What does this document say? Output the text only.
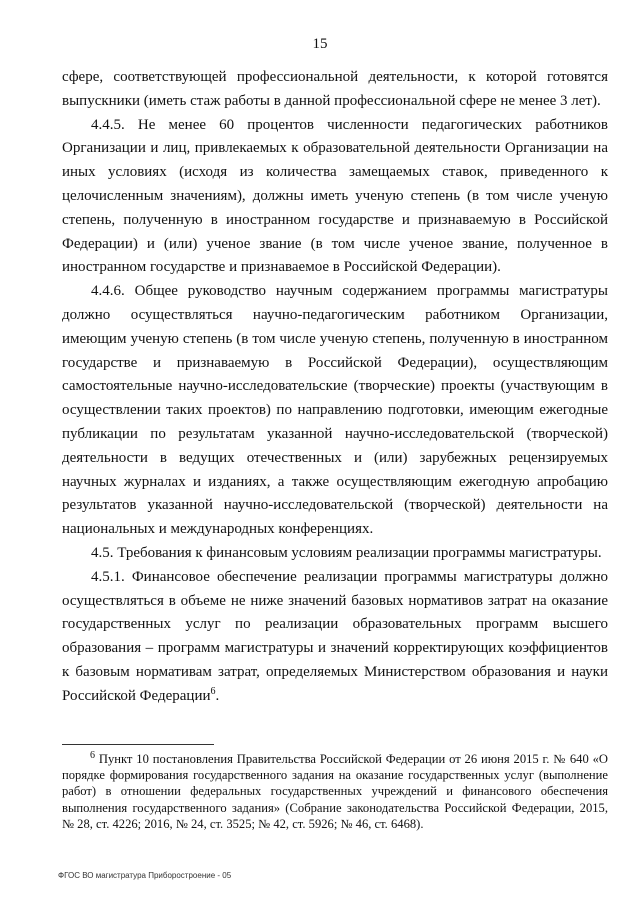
15

сфере, соответствующей профессиональной деятельности, к которой готовятся выпускники (иметь стаж работы в данной профессиональной сфере не менее 3 лет).

4.4.5. Не менее 60 процентов численности педагогических работников Организации и лиц, привлекаемых к образовательной деятельности Организации на иных условиях (исходя из количества замещаемых ставок, приведенного к целочисленным значениям), должны иметь ученую степень (в том числе ученую степень, полученную в иностранном государстве и признаваемую в Российской Федерации) и (или) ученое звание (в том числе ученое звание, полученное в иностранном государстве и признаваемое в Российской Федерации).

4.4.6. Общее руководство научным содержанием программы магистратуры должно осуществляться научно-педагогическим работником Организации, имеющим ученую степень (в том числе ученую степень, полученную в иностранном государстве и признаваемую в Российской Федерации), осуществляющим самостоятельные научно-исследовательские (творческие) проекты (участвующим в осуществлении таких проектов) по направлению подготовки, имеющим ежегодные публикации по результатам указанной научно-исследовательской (творческой) деятельности в ведущих отечественных и (или) зарубежных рецензируемых научных журналах и изданиях, а также осуществляющим ежегодную апробацию результатов указанной научно-исследовательской (творческой) деятельности на национальных и международных конференциях.

4.5. Требования к финансовым условиям реализации программы магистратуры.

4.5.1. Финансовое обеспечение реализации программы магистратуры должно осуществляться в объеме не ниже значений базовых нормативов затрат на оказание государственных услуг по реализации образовательных программ высшего образования – программ магистратуры и значений корректирующих коэффициентов к базовым нормативам затрат, определяемых Министерством образования и науки Российской Федерации$^6$.

$^6$ Пункт 10 постановления Правительства Российской Федерации от 26 июня 2015 г. № 640 «О порядке формирования государственного задания на оказание государственных услуг (выполнение работ) в отношении федеральных государственных учреждений и финансового обеспечения выполнения государственного задания» (Собрание законодательства Российской Федерации, 2015, № 28, ст. 4226; 2016, № 24, ст. 3525; № 42, ст. 5926; № 46, ст. 6468).

ФГОС ВО магистратура Приборостроение - 05
